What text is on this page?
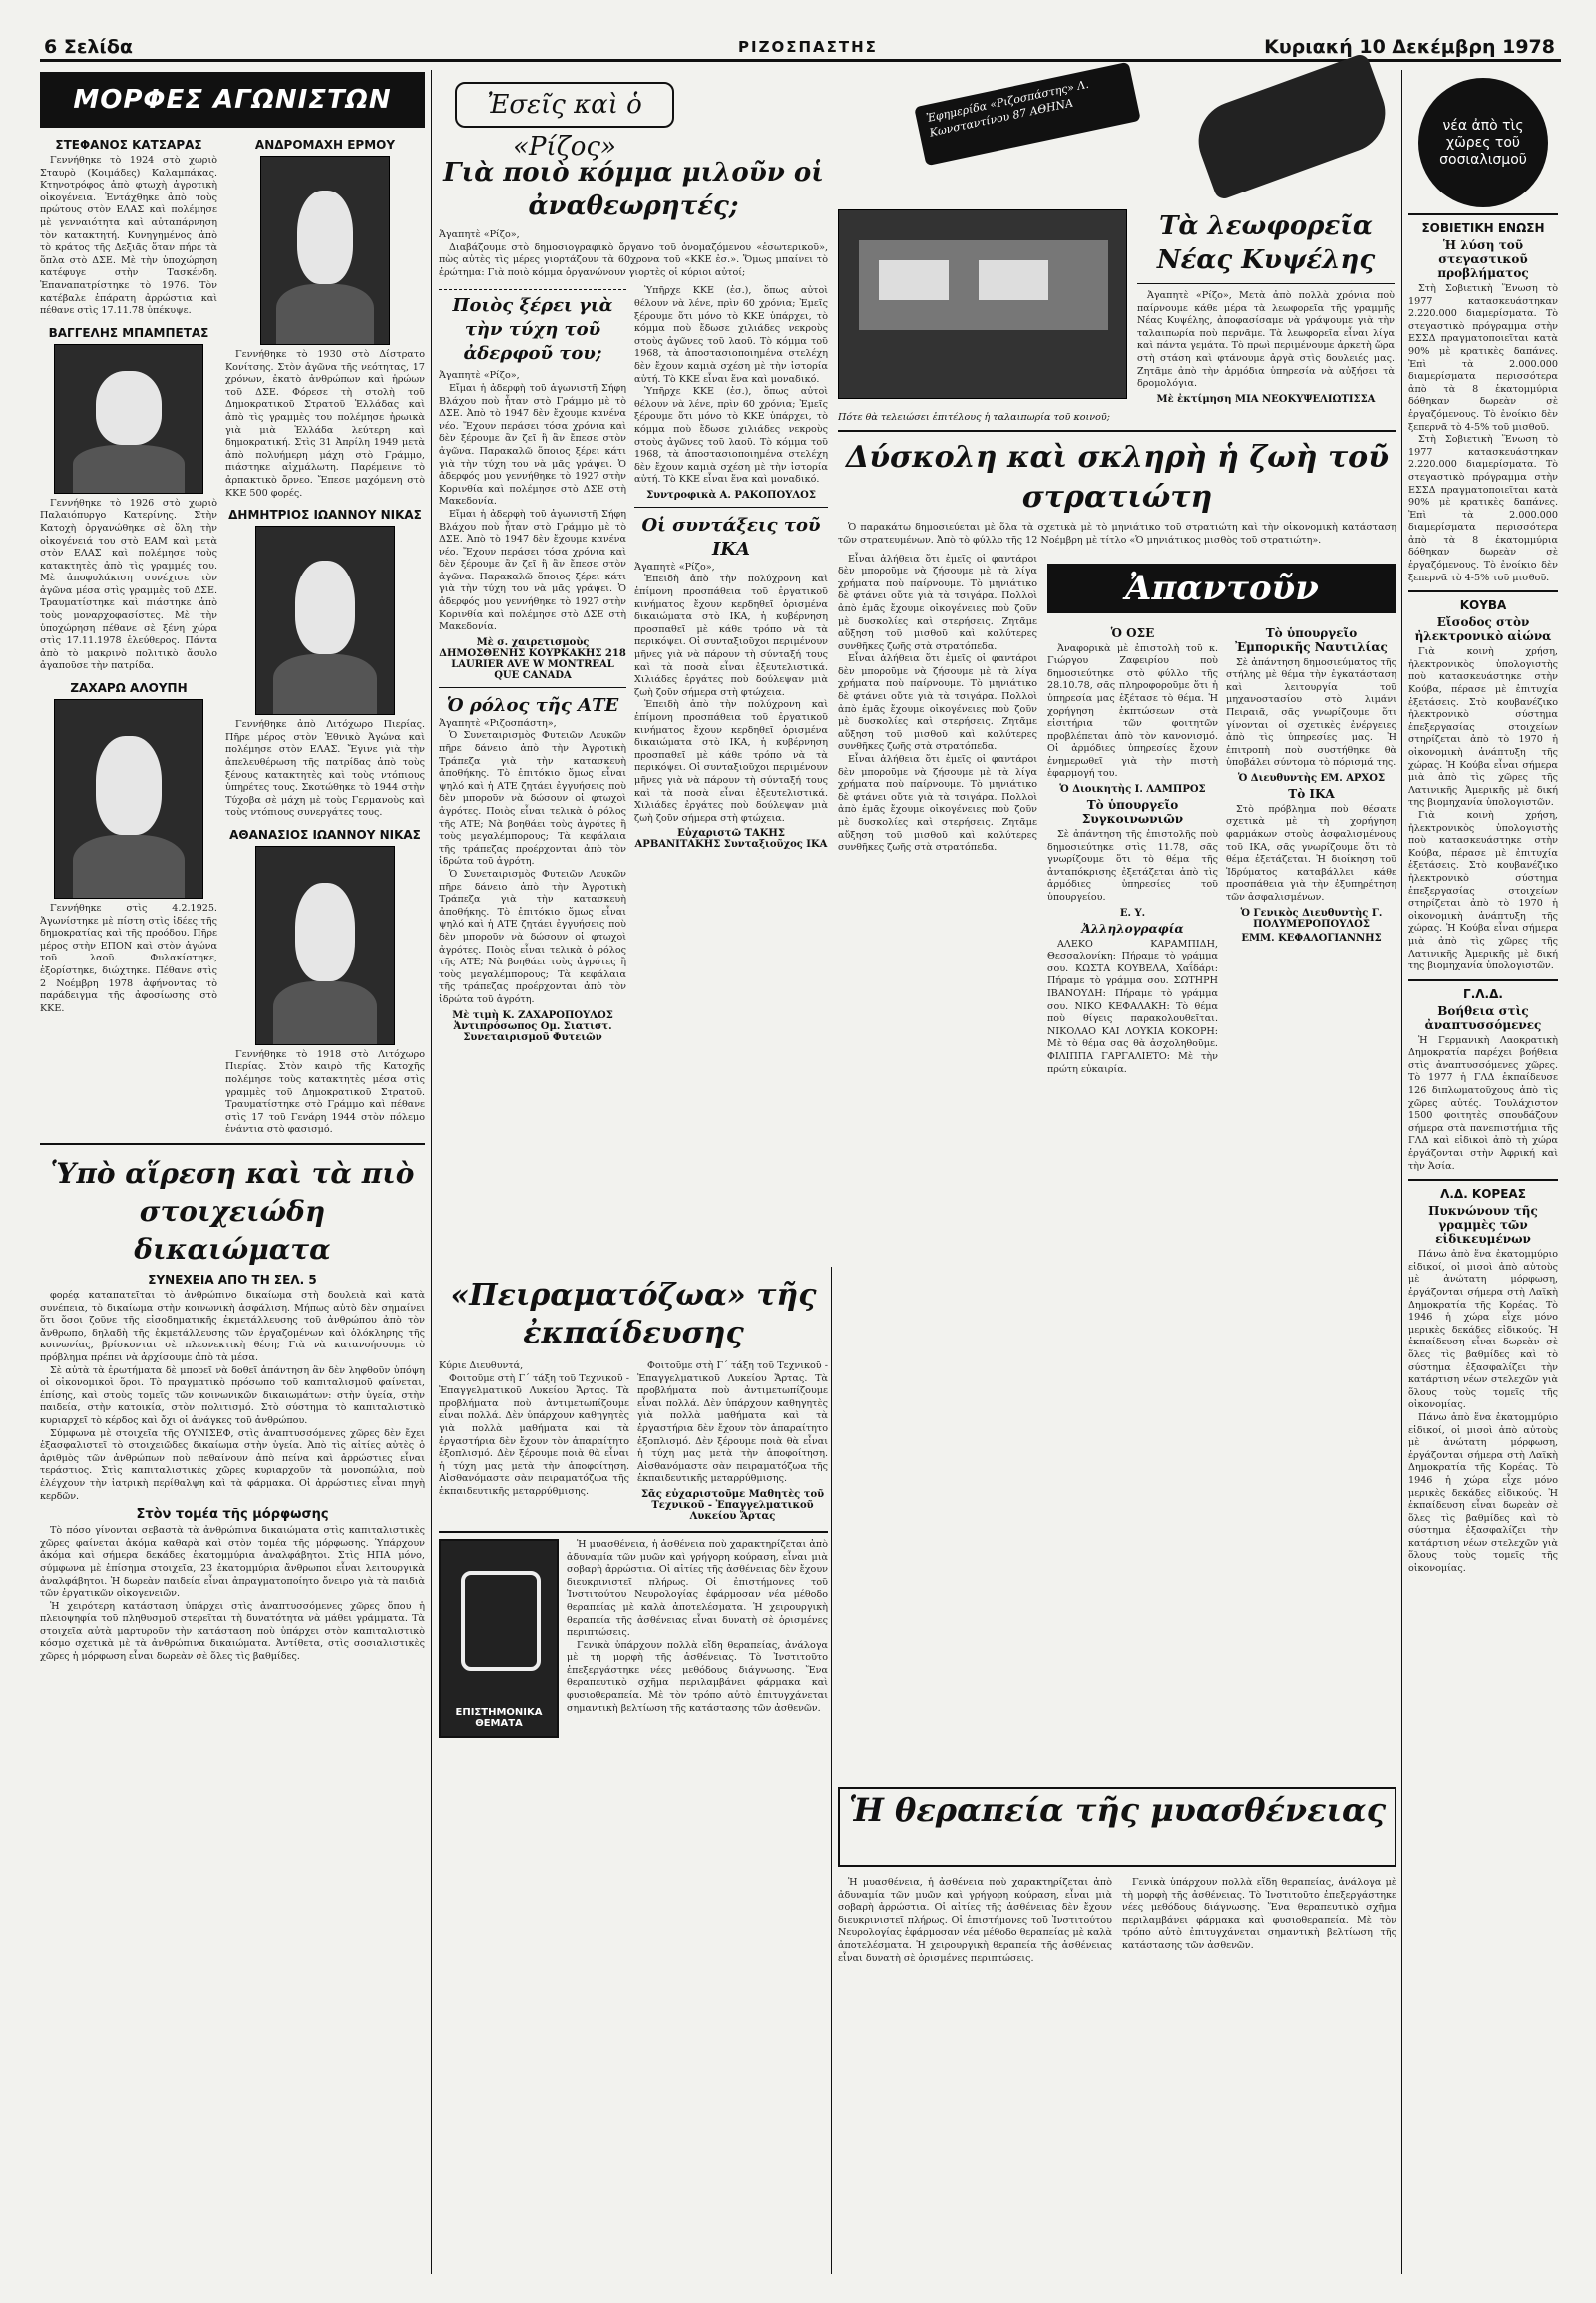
6 Σελίδα	ΡΙΖΟΣΠΑΣΤΗΣ	Κυριακή 10 Δεκέμβρη 1978
ΜΟΡΦΕΣ ΑΓΩΝΙΣΤΩΝ
ΣΤΕΦΑΝΟΣ ΚΑΤΣΑΡΑΣ

Γεννήθηκε τὸ 1924 στὸ χωριὸ Σταυρὸ (Κοιμάδες) Καλαμπάκας. Κτηνοτρόφος ἀπὸ φτωχὴ ἀγροτικὴ οἰκογένεια. Ἐντάχθηκε ἀπὸ τοὺς πρώτους στὸν ΕΛΑΣ καὶ πολέμησε μὲ γενναιότητα καὶ αὐταπάρνηση τὸν κατακτητή. Κυνηγημένος ἀπὸ τὸ κράτος τῆς Δεξιᾶς ὅταν πήρε τὰ ὅπλα στὸ ΔΣΕ. Μὲ τὴν ὑποχώρηση κατέφυγε στὴν Τασκένδη. Ἐπαναπατρίστηκε τὸ 1976. Τὸν κατέβαλε ἐπάρατη ἀρρώστια καὶ πέθανε στὶς 17.11.78 ὑπέκυψε.

ΒΑΓΓΕΛΗΣ ΜΠΑΜΠΕΤΑΣ

Γεννήθηκε τὸ 1926 στὸ χωριὸ Παλαιόπυργο Κατερίνης. Στὴν Κατοχὴ ὀργανώθηκε σὲ ὅλη τὴν οἰκογένειά του στὸ ΕΑΜ καὶ μετὰ στὸν ΕΛΑΣ καὶ πολέμησε τοὺς κατακτητὲς ἀπὸ τὶς γραμμές του. Μὲ ἀποφυλάκιση συνέχισε τὸν ἀγῶνα μέσα στὶς γραμμὲς τοῦ ΔΣΕ. Τραυματίστηκε καὶ πιάστηκε ἀπὸ τοὺς μοναρχοφασίστες. Μὲ τὴν ὑποχώρηση πέθανε σὲ ξένη χώρα στὶς 17.11.1978 ἐλεύθερος. Πάντα ἀπὸ τὸ μακρινὸ πολιτικὸ ἄσυλο ἀγαποῦσε τὴν πατρίδα.

ΖΑΧΑΡΩ ΑΛΟΥΠΗ

Γεννήθηκε στὶς 4.2.1925. Ἀγωνίστηκε μὲ πίστη στὶς ἰδέες τῆς δημοκρατίας καὶ τῆς προόδου. Πῆρε μέρος στὴν ΕΠΟΝ καὶ στὸν ἀγώνα τοῦ λαοῦ. Φυλακίστηκε, ἐξορίστηκε, διώχτηκε. Πέθανε στὶς 2 Νοέμβρη 1978 ἀφήνοντας τὸ παράδειγμα τῆς ἀφοσίωσης στὸ ΚΚΕ.

ΑΝΔΡΟΜΑΧΗ ΕΡΜΟΥ

Γεννήθηκε τὸ 1930 στὸ Δίστρατο Κονίτσης. Στὸν ἀγῶνα τῆς νεότητας, 17 χρόνων, ἐκατὸ ἀνθρώπων καὶ ἡρώων τοῦ ΔΣΕ. Φόρεσε τὴ στολὴ τοῦ Δημοκρατικοῦ Στρατοῦ Ἑλλάδας καὶ ἀπὸ τὶς γραμμὲς του πολέμησε ἡρωικὰ γιὰ μιὰ Ἑλλάδα λεύτερη καὶ δημοκρατική. Στὶς 31 Ἀπρίλη 1949 μετὰ ἀπὸ πολυήμερη μάχη στὸ Γράμμο, πιάστηκε αἰχμάλωτη. Παρέμεινε τὸ ἀρπακτικὸ ὄρνεο. Ἔπεσε μαχόμενη στὸ ΚΚΕ 500 φορές.

ΔΗΜΗΤΡΙΟΣ ΙΩΑΝΝΟΥ ΝΙΚΑΣ

Γεννήθηκε ἀπὸ Λιτόχωρο Πιερίας. Πῆρε μέρος στὸν Ἐθνικὸ Ἀγώνα καὶ πολέμησε στὸν ΕΛΑΣ. Ἔγινε γιὰ τὴν ἀπελευθέρωση τῆς πατρίδας ἀπὸ τοὺς ξένους κατακτητὲς καὶ τοὺς ντόπιους ὑπηρέτες τους. Σκοτώθηκε τὸ 1944 στὴν Τύχοβα σὲ μάχη μὲ τοὺς Γερμανοὺς καὶ τοὺς ντόπιους συνεργάτες τους.

ΑΘΑΝΑΣΙΟΣ ΙΩΑΝΝΟΥ ΝΙΚΑΣ

Γεννήθηκε τὸ 1918 στὸ Λιτόχωρο Πιερίας. Στὸν καιρὸ τῆς Κατοχῆς πολέμησε τοὺς κατακτητὲς μέσα στὶς γραμμὲς τοῦ Δημοκρατικοῦ Στρατοῦ. Τραυματίστηκε στὸ Γράμμο καὶ πέθανε στὶς 17 τοῦ Γενάρη 1944 στὸν πόλεμο ἐνάντια στὸ φασισμό.

Ὑπὸ αἵρεση καὶ τὰ πιὸ στοιχειώδη δικαιώματα
ΣΥΝΕΧΕΙΑ ΑΠΟ ΤΗ ΣΕΛ. 5

φορέᾳ καταπατεῖται τὸ ἀνθρώπινο δικαίωμα στὴ δουλειὰ καὶ κατὰ συνέπεια, τὸ δικαίωμα στὴν κοινωνικὴ ἀσφάλιση. Μήπως αὐτὸ δὲν σημαίνει ὅτι ὅσοι ζοῦνε τῆς εἰσοδηματικῆς ἐκμετάλλευσης τοῦ ἀνθρώπου ἀπὸ τὸν ἄνθρωπο, δηλαδὴ τῆς ἐκμετάλλευσης τῶν ἐργαζομένων καὶ ὁλόκληρης τῆς κοινωνίας, βρίσκονται σὲ πλεονεκτικὴ θέση; Γιὰ νὰ κατανοήσουμε τὸ πρόβλημα πρέπει νὰ ἀρχίσουμε ἀπὸ τὰ μέσα.

Σὲ αὐτὰ τὰ ἐρωτήματα δὲ μπορεῖ νὰ δοθεῖ ἀπάντηση ἂν δὲν ληφθοῦν ὑπόψη οἱ οἰκονομικοὶ ὅροι. Τὸ πραγματικὸ πρόσωπο τοῦ καπιταλισμοῦ φαίνεται, ἐπίσης, καὶ στοὺς τομεῖς τῶν κοινωνικῶν δικαιωμάτων: στὴν ὑγεία, στὴν παιδεία, στὴν κατοικία, στὸν πολιτισμό. Στὸ σύστημα τὸ καπιταλιστικὸ κυριαρχεῖ τὸ κέρδος καὶ ὄχι οἱ ἀνάγκες τοῦ ἀνθρώπου.

Σύμφωνα μὲ στοιχεῖα τῆς ΟΥΝΙΣΕΦ, στὶς ἀναπτυσσόμενες χῶρες δὲν ἔχει ἐξασφαλιστεῖ τὸ στοιχειῶδες δικαίωμα στὴν ὑγεία. Ἀπὸ τὶς αἰτίες αὐτὲς ὁ ἀριθμὸς τῶν ἀνθρώπων ποὺ πεθαίνουν ἀπὸ πείνα καὶ ἀρρώστιες εἶναι τεράστιος. Στὶς καπιταλιστικὲς χῶρες κυριαρχοῦν τὰ μονοπώλια, ποὺ ἐλέγχουν τὴν ἰατρικὴ περίθαλψη καὶ τὰ φάρμακα. Οἱ ἀρρώστιες εἶναι πηγὴ κερδῶν.

Στὸν τομέα τῆς μόρφωσης

Τὸ πόσο γίνονται σεβαστὰ τὰ ἀνθρώπινα δικαιώματα στὶς καπιταλιστικὲς χῶρες φαίνεται ἀκόμα καθαρὰ καὶ στὸν τομέα τῆς μόρφωσης. Ὑπάρχουν ἀκόμα καὶ σήμερα δεκάδες ἑκατομμύρια ἀναλφάβητοι. Στὶς ΗΠΑ μόνο, σύμφωνα μὲ ἐπίσημα στοιχεῖα, 23 ἑκατομμύρια ἄνθρωποι εἶναι λειτουργικὰ ἀναλφάβητοι. Ἡ δωρεὰν παιδεία εἶναι ἀπραγματοποίητο ὄνειρο γιὰ τὰ παιδιὰ τῶν ἐργατικῶν οἰκογενειῶν.

Ἡ χειρότερη κατάσταση ὑπάρχει στὶς ἀναπτυσσόμενες χῶρες ὅπου ἡ πλειοψηφία τοῦ πληθυσμοῦ στερεῖται τὴ δυνατότητα νὰ μάθει γράμματα. Τὰ στοιχεῖα αὐτὰ μαρτυροῦν τὴν κατάσταση ποὺ ὑπάρχει στὸν καπιταλιστικὸ κόσμο σχετικὰ μὲ τὰ ἀνθρώπινα δικαιώματα. Ἀντίθετα, στὶς σοσιαλιστικὲς χῶρες ἡ μόρφωση εἶναι δωρεὰν σὲ ὅλες τὶς βαθμίδες.

Ἐσεῖς καὶ ὁ «Ρίζος»
Γιὰ ποιὸ κόμμα μιλοῦν οἱ ἀναθεωρητές;

Ἀγαπητὲ «Ρίζο»,

Διαβάζουμε στὸ δημοσιογραφικὸ ὄργανο τοῦ ὀνομαζόμενου «ἐσωτερικοῦ», πὼς αὐτὲς τὶς μέρες γιορτάζουν τὰ 60χρονα τοῦ «ΚΚΕ ἐσ.». Ὅμως μπαίνει τὸ ἐρώτημα: Γιὰ ποιὸ κόμμα ὀργανώνουν γιορτὲς οἱ κύριοι αὐτοί;

Ποιὸς ξέρει γιὰ τὴν τύχη τοῦ ἀδερφοῦ του;

Ἀγαπητὲ «Ρίζο»,

Εἴμαι ἡ ἀδερφὴ τοῦ ἀγωνιστῆ Σήφη Βλάχου ποὺ ἦταν στὸ Γράμμο μὲ τὸ ΔΣΕ. Ἀπὸ τὸ 1947 δὲν ἔχουμε κανένα νέο. Ἔχουν περάσει τόσα χρόνια καὶ δὲν ξέρουμε ἂν ζεῖ ἢ ἂν ἔπεσε στὸν ἀγῶνα. Παρακαλῶ ὅποιος ξέρει κάτι γιὰ τὴν τύχη του νὰ μᾶς γράψει. Ὁ ἀδερφός μου γεννήθηκε τὸ 1927 στὴν Κορινθία καὶ πολέμησε στὸ ΔΣΕ στὴ Μακεδονία.

Εἴμαι ἡ ἀδερφὴ τοῦ ἀγωνιστῆ Σήφη Βλάχου ποὺ ἦταν στὸ Γράμμο μὲ τὸ ΔΣΕ. Ἀπὸ τὸ 1947 δὲν ἔχουμε κανένα νέο. Ἔχουν περάσει τόσα χρόνια καὶ δὲν ξέρουμε ἂν ζεῖ ἢ ἂν ἔπεσε στὸν ἀγῶνα. Παρακαλῶ ὅποιος ξέρει κάτι γιὰ τὴν τύχη του νὰ μᾶς γράψει. Ὁ ἀδερφός μου γεννήθηκε τὸ 1927 στὴν Κορινθία καὶ πολέμησε στὸ ΔΣΕ στὴ Μακεδονία.

Μὲ σ. χαιρετισμοὺς ΔΗΜΟΣΘΕΝΗΣ ΚΟΥΡΚΑΚΗΣ 218 LAURIER AVE W MONTREAL QUE CANADA
Ὁ ρόλος τῆς ΑΤΕ

Ἀγαπητὲ «Ριζοσπάστη»,

Ὁ Συνεταιρισμὸς Φυτειῶν Λευκῶν πῆρε δάνειο ἀπὸ τὴν Ἀγροτικὴ Τράπεζα γιὰ τὴν κατασκευὴ ἀποθήκης. Τὸ ἐπιτόκιο ὅμως εἶναι ψηλό καὶ ἡ ΑΤΕ ζητάει ἐγγυήσεις ποὺ δὲν μποροῦν νὰ δώσουν οἱ φτωχοὶ ἀγρότες. Ποιὸς εἶναι τελικὰ ὁ ρόλος τῆς ΑΤΕ; Νὰ βοηθάει τοὺς ἀγρότες ἢ τοὺς μεγαλέμπορους; Τὰ κεφάλαια τῆς τράπεζας προέρχονται ἀπὸ τὸν ἱδρώτα τοῦ ἀγρότη.

Ὁ Συνεταιρισμὸς Φυτειῶν Λευκῶν πῆρε δάνειο ἀπὸ τὴν Ἀγροτικὴ Τράπεζα γιὰ τὴν κατασκευὴ ἀποθήκης. Τὸ ἐπιτόκιο ὅμως εἶναι ψηλό καὶ ἡ ΑΤΕ ζητάει ἐγγυήσεις ποὺ δὲν μποροῦν νὰ δώσουν οἱ φτωχοὶ ἀγρότες. Ποιὸς εἶναι τελικὰ ὁ ρόλος τῆς ΑΤΕ; Νὰ βοηθάει τοὺς ἀγρότες ἢ τοὺς μεγαλέμπορους; Τὰ κεφάλαια τῆς τράπεζας προέρχονται ἀπὸ τὸν ἱδρώτα τοῦ ἀγρότη.

Μὲ τιμὴ Κ. ΖΑΧΑΡΟΠΟΥΛΟΣ Ἀντιπρόσωπος Ομ. Σιατιστ. Συνεταιρισμοῦ Φυτειῶν

Ὑπῆρχε ΚΚΕ (ἐσ.), ὅπως αὐτοὶ θέλουν νὰ λένε, πρὶν 60 χρόνια; Ἐμεῖς ξέρουμε ὅτι μόνο τὸ ΚΚΕ ὑπάρχει, τὸ κόμμα ποὺ ἔδωσε χιλιάδες νεκροὺς στοὺς ἀγῶνες τοῦ λαοῦ. Τὸ κόμμα τοῦ 1968, τὰ ἀποστασιοποιημένα στελέχη δὲν ἔχουν καμιὰ σχέση μὲ τὴν ἱστορία αὐτή. Τὸ ΚΚΕ εἶναι ἕνα καὶ μοναδικό.

Ὑπῆρχε ΚΚΕ (ἐσ.), ὅπως αὐτοὶ θέλουν νὰ λένε, πρὶν 60 χρόνια; Ἐμεῖς ξέρουμε ὅτι μόνο τὸ ΚΚΕ ὑπάρχει, τὸ κόμμα ποὺ ἔδωσε χιλιάδες νεκροὺς στοὺς ἀγῶνες τοῦ λαοῦ. Τὸ κόμμα τοῦ 1968, τὰ ἀποστασιοποιημένα στελέχη δὲν ἔχουν καμιὰ σχέση μὲ τὴν ἱστορία αὐτή. Τὸ ΚΚΕ εἶναι ἕνα καὶ μοναδικό.

Συντροφικὰ Α. ΡΑΚΟΠΟΥΛΟΣ
Οἱ συντάξεις τοῦ ΙΚΑ

Ἀγαπητὲ «Ρίζο»,

Ἐπειδὴ ἀπὸ τὴν πολύχρονη καὶ ἐπίμονη προσπάθεια τοῦ ἐργατικοῦ κινήματος ἔχουν κερδηθεῖ ὁρισμένα δικαιώματα στὸ ΙΚΑ, ἡ κυβέρνηση προσπαθεῖ μὲ κάθε τρόπο νὰ τὰ περικόψει. Οἱ συνταξιοῦχοι περιμένουν μῆνες γιὰ νὰ πάρουν τὴ σύνταξή τους καὶ τὰ ποσὰ εἶναι ἐξευτελιστικά. Χιλιάδες ἐργάτες ποὺ δούλεψαν μιὰ ζωὴ ζοῦν σήμερα στὴ φτώχεια.

Ἐπειδὴ ἀπὸ τὴν πολύχρονη καὶ ἐπίμονη προσπάθεια τοῦ ἐργατικοῦ κινήματος ἔχουν κερδηθεῖ ὁρισμένα δικαιώματα στὸ ΙΚΑ, ἡ κυβέρνηση προσπαθεῖ μὲ κάθε τρόπο νὰ τὰ περικόψει. Οἱ συνταξιοῦχοι περιμένουν μῆνες γιὰ νὰ πάρουν τὴ σύνταξή τους καὶ τὰ ποσὰ εἶναι ἐξευτελιστικά. Χιλιάδες ἐργάτες ποὺ δούλεψαν μιὰ ζωὴ ζοῦν σήμερα στὴ φτώχεια.

Εὐχαριστῶ ΤΑΚΗΣ ΑΡΒΑΝΙΤΑΚΗΣ Συνταξιοῦχος ΙΚΑ
Ἐφημερίδα «Ριζοσπάστης» Λ. Κωνσταντίνου 87 ΑΘΗΝΑ
Τὰ λεωφορεῖα Νέας Κυψέλης

Ἀγαπητὲ «Ρίζο», Μετὰ ἀπὸ πολλὰ χρόνια ποὺ παίρνουμε κάθε μέρα τὰ λεωφορεῖα τῆς γραμμῆς Νέας Κυψέλης, ἀποφασίσαμε νὰ γράψουμε γιὰ τὴν ταλαιπωρία ποὺ περνᾶμε. Τὰ λεωφορεῖα εἶναι λίγα καὶ πάντα γεμάτα. Τὸ πρωὶ περιμένουμε ἀρκετὴ ὥρα στὴ στάση καὶ φτάνουμε ἀργὰ στὶς δουλειές μας. Ζητᾶμε ἀπὸ τὴν ἁρμόδια ὑπηρεσία νὰ αὐξήσει τὰ δρομολόγια.

Μὲ ἐκτίμηση ΜΙΑ ΝΕΟΚΥΨΕΛΙΩΤΙΣΣΑ

Πότε θὰ τελειώσει ἐπιτέλους ἡ ταλαιπωρία τοῦ κοινοῦ;

Δύσκολη καὶ σκληρὴ ἡ ζωὴ τοῦ στρατιώτη

Ὁ παρακάτω δημοσιεύεται μὲ ὅλα τὰ σχετικὰ μὲ τὸ μηνιάτικο τοῦ στρατιώτη καὶ τὴν οἰκονομικὴ κατάσταση τῶν στρατευμένων. Ἀπὸ τὸ φύλλο τῆς 12 Νοέμβρη μὲ τίτλο «Ὁ μηνιάτικος μισθὸς τοῦ στρατιώτη».

Εἶναι ἀλήθεια ὅτι ἐμεῖς οἱ φαντάροι δὲν μποροῦμε νὰ ζήσουμε μὲ τὰ λίγα χρήματα ποὺ παίρνουμε. Τὸ μηνιάτικο δὲ φτάνει οὔτε γιὰ τὰ τσιγάρα. Πολλοὶ ἀπὸ ἐμᾶς ἔχουμε οἰκογένειες ποὺ ζοῦν μὲ δυσκολίες καὶ στερήσεις. Ζητᾶμε αὔξηση τοῦ μισθοῦ καὶ καλύτερες συνθῆκες ζωῆς στὰ στρατόπεδα.

Εἶναι ἀλήθεια ὅτι ἐμεῖς οἱ φαντάροι δὲν μποροῦμε νὰ ζήσουμε μὲ τὰ λίγα χρήματα ποὺ παίρνουμε. Τὸ μηνιάτικο δὲ φτάνει οὔτε γιὰ τὰ τσιγάρα. Πολλοὶ ἀπὸ ἐμᾶς ἔχουμε οἰκογένειες ποὺ ζοῦν μὲ δυσκολίες καὶ στερήσεις. Ζητᾶμε αὔξηση τοῦ μισθοῦ καὶ καλύτερες συνθῆκες ζωῆς στὰ στρατόπεδα.

Εἶναι ἀλήθεια ὅτι ἐμεῖς οἱ φαντάροι δὲν μποροῦμε νὰ ζήσουμε μὲ τὰ λίγα χρήματα ποὺ παίρνουμε. Τὸ μηνιάτικο δὲ φτάνει οὔτε γιὰ τὰ τσιγάρα. Πολλοὶ ἀπὸ ἐμᾶς ἔχουμε οἰκογένειες ποὺ ζοῦν μὲ δυσκολίες καὶ στερήσεις. Ζητᾶμε αὔξηση τοῦ μισθοῦ καὶ καλύτερες συνθῆκες ζωῆς στὰ στρατόπεδα.

Ἀπαντοῦν
Ὁ ΟΣΕ

Ἀναφορικὰ μὲ ἐπιστολὴ τοῦ κ. Γιώργου Ζαφειρίου ποὺ δημοσιεύτηκε στὸ φύλλο τῆς 28.10.78, σᾶς πληροφοροῦμε ὅτι ἡ ὑπηρεσία μας ἐξέτασε τὸ θέμα. Ἡ χορήγηση ἐκπτώσεων στὰ εἰσιτήρια τῶν φοιτητῶν προβλέπεται ἀπὸ τὸν κανονισμό. Οἱ ἁρμόδιες ὑπηρεσίες ἔχουν ἐνημερωθεῖ γιὰ τὴν πιστὴ ἐφαρμογή του.

Ὁ Διοικητὴς Ι. ΛΑΜΠΡΟΣ
Τὸ ὑπουργεῖο Συγκοινωνιῶν

Σὲ ἀπάντηση τῆς ἐπιστολῆς ποὺ δημοσιεύτηκε στὶς 11.78, σᾶς γνωρίζουμε ὅτι τὸ θέμα τῆς ἀνταπόκρισης ἐξετάζεται ἀπὸ τὶς ἁρμόδιες ὑπηρεσίες τοῦ ὑπουργείου.

Ε. Υ.
Ἀλληλογραφία

ΑΛΕΚΟ ΚΑΡΑΜΠΙΔΗ, Θεσσαλονίκη: Πήραμε τὸ γράμμα σου. ΚΩΣΤΑ ΚΟΥΒΕΛΑ, Χαΐδάρι: Πήραμε τὸ γράμμα σου. ΣΩΤΗΡΗ ΙΒΑΝΟΥΔΗ: Πήραμε τὸ γράμμα σου. ΝΙΚΟ ΚΕΦΑΛΑΚΗ: Τὸ θέμα ποὺ θίγεις παρακολουθεῖται. ΝΙΚΟΛΑΟ ΚΑΙ ΛΟΥΚΙΑ ΚΟΚΟΡΗ: Μὲ τὸ θέμα σας θὰ ἀσχοληθοῦμε. ΦΙΛΙΠΠΑ ΓΑΡΓΑΛΙΕΤΟ: Μὲ τὴν πρώτη εὐκαιρία.

Τὸ ὑπουργεῖο Ἐμπορικῆς Ναυτιλίας

Σὲ ἀπάντηση δημοσιεύματος τῆς στήλης μὲ θέμα τὴν ἐγκατάσταση καὶ λειτουργία τοῦ μηχανοστασίου στὸ λιμάνι Πειραιᾶ, σᾶς γνωρίζουμε ὅτι γίνονται οἱ σχετικὲς ἐνέργειες ἀπὸ τὶς ὑπηρεσίες μας. Ἡ ἐπιτροπὴ ποὺ συστήθηκε θὰ ὑποβάλει σύντομα τὸ πόρισμά της.

Ὁ Διευθυντὴς ΕΜ. ΑΡΧΟΣ
Τὸ ΙΚΑ

Στὸ πρόβλημα ποὺ θέσατε σχετικὰ μὲ τὴ χορήγηση φαρμάκων στοὺς ἀσφαλισμένους τοῦ ΙΚΑ, σᾶς γνωρίζουμε ὅτι τὸ θέμα ἐξετάζεται. Ἡ διοίκηση τοῦ Ἱδρύματος καταβάλλει κάθε προσπάθεια γιὰ τὴν ἐξυπηρέτηση τῶν ἀσφαλισμένων.

Ὁ Γενικὸς Διευθυντὴς Γ. ΠΟΛΥΜΕΡΟΠΟΥΛΟΣ
ΕΜΜ. ΚΕΦΑΛΟΓΙΑΝΝΗΣ
«Πειραματόζωα» τῆς ἐκπαίδευσης

Κύριε Διευθυντά,

Φοιτοῦμε στὴ Γ΄ τάξη τοῦ Τεχνικοῦ - Ἐπαγγελματικοῦ Λυκείου Ἄρτας. Τὰ προβλήματα ποὺ ἀντιμετωπίζουμε εἶναι πολλά. Δὲν ὑπάρχουν καθηγητὲς γιὰ πολλὰ μαθήματα καὶ τὰ ἐργαστήρια δὲν ἔχουν τὸν ἀπαραίτητο ἐξοπλισμό. Δὲν ξέρουμε ποιὰ θὰ εἶναι ἡ τύχη μας μετὰ τὴν ἀποφοίτηση. Αἰσθανόμαστε σὰν πειραματόζωα τῆς ἐκπαιδευτικῆς μεταρρύθμισης.

Φοιτοῦμε στὴ Γ΄ τάξη τοῦ Τεχνικοῦ - Ἐπαγγελματικοῦ Λυκείου Ἄρτας. Τὰ προβλήματα ποὺ ἀντιμετωπίζουμε εἶναι πολλά. Δὲν ὑπάρχουν καθηγητὲς γιὰ πολλὰ μαθήματα καὶ τὰ ἐργαστήρια δὲν ἔχουν τὸν ἀπαραίτητο ἐξοπλισμό. Δὲν ξέρουμε ποιὰ θὰ εἶναι ἡ τύχη μας μετὰ τὴν ἀποφοίτηση. Αἰσθανόμαστε σὰν πειραματόζωα τῆς ἐκπαιδευτικῆς μεταρρύθμισης.

Σᾶς εὐχαριστοῦμε Μαθητὲς τοῦ Τεχνικοῦ - Ἐπαγγελματικοῦ Λυκείου Ἄρτας
ΕΠΙΣΤΗΜΟΝΙΚΑ ΘΕΜΑΤΑ

Ἡ μυασθένεια, ἡ ἀσθένεια ποὺ χαρακτηρίζεται ἀπὸ ἀδυναμία τῶν μυῶν καὶ γρήγορη κούραση, εἶναι μιὰ σοβαρὴ ἀρρώστια. Οἱ αἰτίες τῆς ἀσθένειας δὲν ἔχουν διευκρινιστεῖ πλήρως. Οἱ ἐπιστήμονες τοῦ Ἰνστιτούτου Νευρολογίας ἐφάρμοσαν νέα μέθοδο θεραπείας μὲ καλὰ ἀποτελέσματα. Ἡ χειρουργικὴ θεραπεία τῆς ἀσθένειας εἶναι δυνατὴ σὲ ὁρισμένες περιπτώσεις.

Γενικὰ ὑπάρχουν πολλὰ εἴδη θεραπείας, ἀνάλογα μὲ τὴ μορφὴ τῆς ἀσθένειας. Τὸ Ἰνστιτοῦτο ἐπεξεργάστηκε νέες μεθόδους διάγνωσης. Ἕνα θεραπευτικὸ σχῆμα περιλαμβάνει φάρμακα καὶ φυσιοθεραπεία. Μὲ τὸν τρόπο αὐτὸ ἐπιτυγχάνεται σημαντικὴ βελτίωση τῆς κατάστασης τῶν ἀσθενῶν.

Ἡ θεραπεία τῆς μυασθένειας

Ἡ μυασθένεια, ἡ ἀσθένεια ποὺ χαρακτηρίζεται ἀπὸ ἀδυναμία τῶν μυῶν καὶ γρήγορη κούραση, εἶναι μιὰ σοβαρὴ ἀρρώστια. Οἱ αἰτίες τῆς ἀσθένειας δὲν ἔχουν διευκρινιστεῖ πλήρως. Οἱ ἐπιστήμονες τοῦ Ἰνστιτούτου Νευρολογίας ἐφάρμοσαν νέα μέθοδο θεραπείας μὲ καλὰ ἀποτελέσματα. Ἡ χειρουργικὴ θεραπεία τῆς ἀσθένειας εἶναι δυνατὴ σὲ ὁρισμένες περιπτώσεις.

Γενικὰ ὑπάρχουν πολλὰ εἴδη θεραπείας, ἀνάλογα μὲ τὴ μορφὴ τῆς ἀσθένειας. Τὸ Ἰνστιτοῦτο ἐπεξεργάστηκε νέες μεθόδους διάγνωσης. Ἕνα θεραπευτικὸ σχῆμα περιλαμβάνει φάρμακα καὶ φυσιοθεραπεία. Μὲ τὸν τρόπο αὐτὸ ἐπιτυγχάνεται σημαντικὴ βελτίωση τῆς κατάστασης τῶν ἀσθενῶν.

νέα ἀπὸ τὶς χῶρες τοῦ σοσιαλισμοῦ
ΣΟΒΙΕΤΙΚΗ ΕΝΩΣΗ
Ἡ λύση τοῦ στεγαστικοῦ προβλήματος

Στὴ Σοβιετικὴ Ἕνωση τὸ 1977 κατασκευάστηκαν 2.220.000 διαμερίσματα. Τὸ στεγαστικὸ πρόγραμμα στὴν ΕΣΣΔ πραγματοποιεῖται κατὰ 90% μὲ κρατικὲς δαπάνες. Ἐπὶ τὰ 2.000.000 διαμερίσματα περισσότερα ἀπὸ τὰ 8 ἑκατομμύρια δόθηκαν δωρεὰν σὲ ἐργαζόμενους. Τὸ ἐνοίκιο δὲν ξεπερνᾶ τὸ 4-5% τοῦ μισθοῦ.

Στὴ Σοβιετικὴ Ἕνωση τὸ 1977 κατασκευάστηκαν 2.220.000 διαμερίσματα. Τὸ στεγαστικὸ πρόγραμμα στὴν ΕΣΣΔ πραγματοποιεῖται κατὰ 90% μὲ κρατικὲς δαπάνες. Ἐπὶ τὰ 2.000.000 διαμερίσματα περισσότερα ἀπὸ τὰ 8 ἑκατομμύρια δόθηκαν δωρεὰν σὲ ἐργαζόμενους. Τὸ ἐνοίκιο δὲν ξεπερνᾶ τὸ 4-5% τοῦ μισθοῦ.

ΚΟΥΒΑ
Εἴσοδος στὸν ἠλεκτρονικὸ αἰώνα

Γιὰ κοινὴ χρήση, ἠλεκτρονικὸς ὑπολογιστὴς ποὺ κατασκευάστηκε στὴν Κούβα, πέρασε μὲ ἐπιτυχία ἐξετάσεις. Στὸ κουβανέζικο ἠλεκτρονικὸ σύστημα ἐπεξεργασίας στοιχείων στηρίζεται ἀπὸ τὸ 1970 ἡ οἰκονομικὴ ἀνάπτυξη τῆς χώρας. Ἡ Κούβα εἶναι σήμερα μιὰ ἀπὸ τὶς χῶρες τῆς Λατινικῆς Ἀμερικῆς μὲ δική της βιομηχανία ὑπολογιστῶν.

Γιὰ κοινὴ χρήση, ἠλεκτρονικὸς ὑπολογιστὴς ποὺ κατασκευάστηκε στὴν Κούβα, πέρασε μὲ ἐπιτυχία ἐξετάσεις. Στὸ κουβανέζικο ἠλεκτρονικὸ σύστημα ἐπεξεργασίας στοιχείων στηρίζεται ἀπὸ τὸ 1970 ἡ οἰκονομικὴ ἀνάπτυξη τῆς χώρας. Ἡ Κούβα εἶναι σήμερα μιὰ ἀπὸ τὶς χῶρες τῆς Λατινικῆς Ἀμερικῆς μὲ δική της βιομηχανία ὑπολογιστῶν.

Γ.Λ.Δ.
Βοήθεια στὶς ἀναπτυσσόμενες

Ἡ Γερμανικὴ Λαοκρατικὴ Δημοκρατία παρέχει βοήθεια στὶς ἀναπτυσσόμενες χῶρες. Τὸ 1977 ἡ ΓΛΔ ἐκπαίδευσε 126 διπλωματοῦχους ἀπὸ τὶς χῶρες αὐτές. Τουλάχιστον 1500 φοιτητὲς σπουδάζουν σήμερα στὰ πανεπιστήμια τῆς ΓΛΔ καὶ εἰδικοὶ ἀπὸ τὴ χώρα ἐργάζονται στὴν Ἀφρική καὶ τὴν Ἀσία.

Λ.Δ. ΚΟΡΕΑΣ
Πυκνώνουν τῆς γραμμὲς τῶν εἰδικευμένων

Πάνω ἀπὸ ἕνα ἑκατομμύριο εἰδικοί, οἱ μισοὶ ἀπὸ αὐτοὺς μὲ ἀνώτατη μόρφωση, ἐργάζονται σήμερα στὴ Λαϊκὴ Δημοκρατία τῆς Κορέας. Τὸ 1946 ἡ χώρα εἶχε μόνο μερικὲς δεκάδες εἰδικούς. Ἡ ἐκπαίδευση εἶναι δωρεὰν σὲ ὅλες τὶς βαθμίδες καὶ τὸ σύστημα ἐξασφαλίζει τὴν κατάρτιση νέων στελεχῶν γιὰ ὅλους τοὺς τομεῖς τῆς οἰκονομίας.

Πάνω ἀπὸ ἕνα ἑκατομμύριο εἰδικοί, οἱ μισοὶ ἀπὸ αὐτοὺς μὲ ἀνώτατη μόρφωση, ἐργάζονται σήμερα στὴ Λαϊκὴ Δημοκρατία τῆς Κορέας. Τὸ 1946 ἡ χώρα εἶχε μόνο μερικὲς δεκάδες εἰδικούς. Ἡ ἐκπαίδευση εἶναι δωρεὰν σὲ ὅλες τὶς βαθμίδες καὶ τὸ σύστημα ἐξασφαλίζει τὴν κατάρτιση νέων στελεχῶν γιὰ ὅλους τοὺς τομεῖς τῆς οἰκονομίας.
